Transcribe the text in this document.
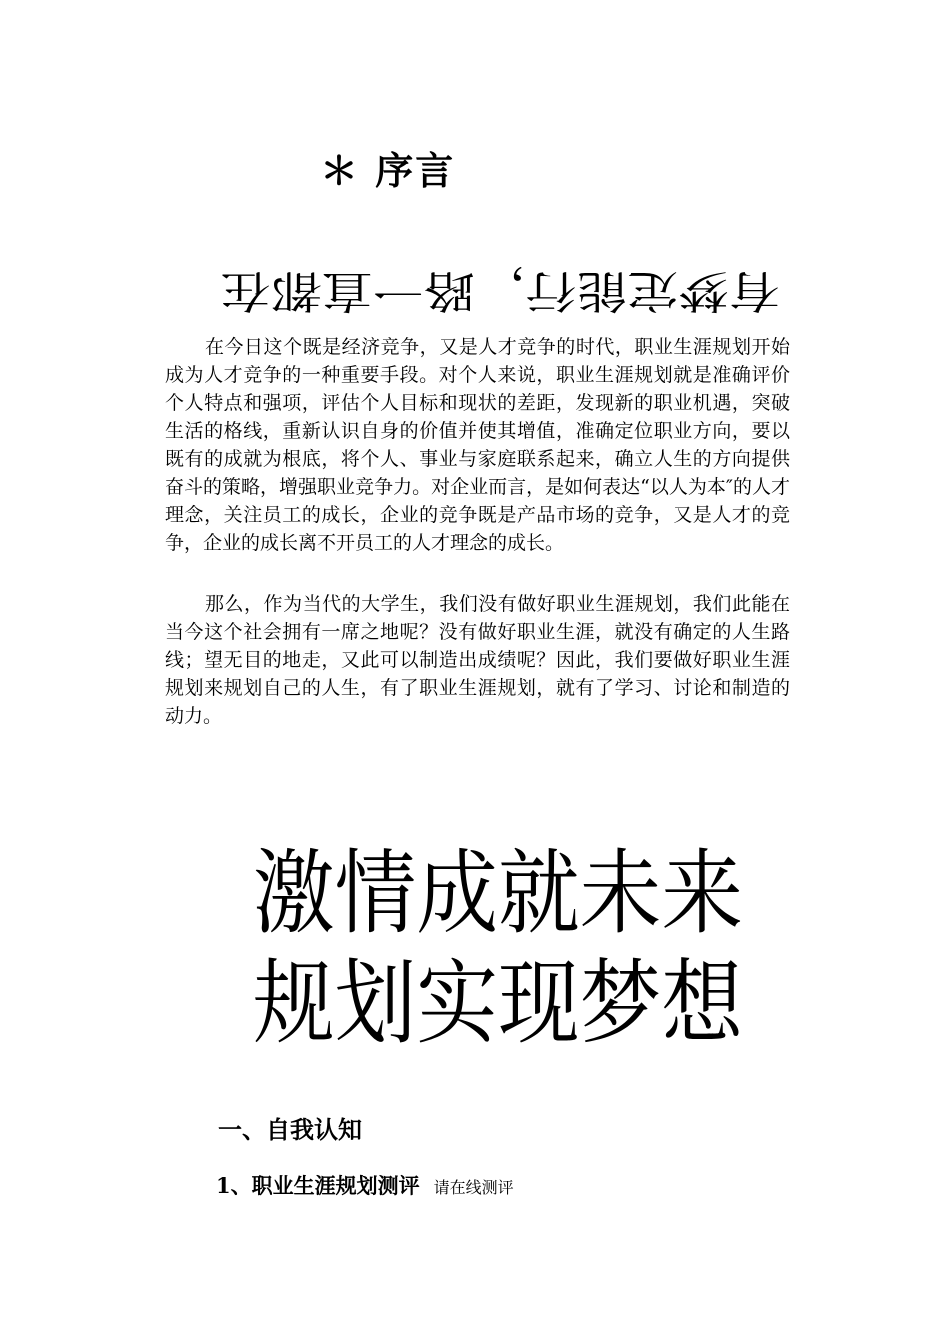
＊ 序言
有梦定能行，路一直都在

在今日这个既是经济竞争，又是人才竞争的时代，职业生涯规划开始成为人才竞争的一种重要手段。对个人来说，职业生涯规划就是准确评价个人特点和强项，评估个人目标和现状的差距，发现新的职业机遇，突破生活的格线，重新认识自身的价值并使其增值，准确定位职业方向，要以既有的成就为根底，将个人、事业与家庭联系起来，确立人生的方向提供奋斗的策略，增强职业竞争力。对企业而言，是如何表达“以人为本″的人才理念，关注员工的成长，企业的竞争既是产品市场的竞争，又是人才的竞争，企业的成长离不开员工的人才理念的成长。

那么，作为当代的大学生，我们没有做好职业生涯规划，我们此能在当今这个社会拥有一席之地呢？没有做好职业生涯，就没有确定的人生路线；望无目的地走，又此可以制造出成绩呢？因此，我们要做好职业生涯规划来规划自己的人生，有了职业生涯规划，就有了学习、讨论和制造的动力。

激情成就未来
规划实现梦想
一、自我认知
1、职业生涯规划测评 请在线测评
